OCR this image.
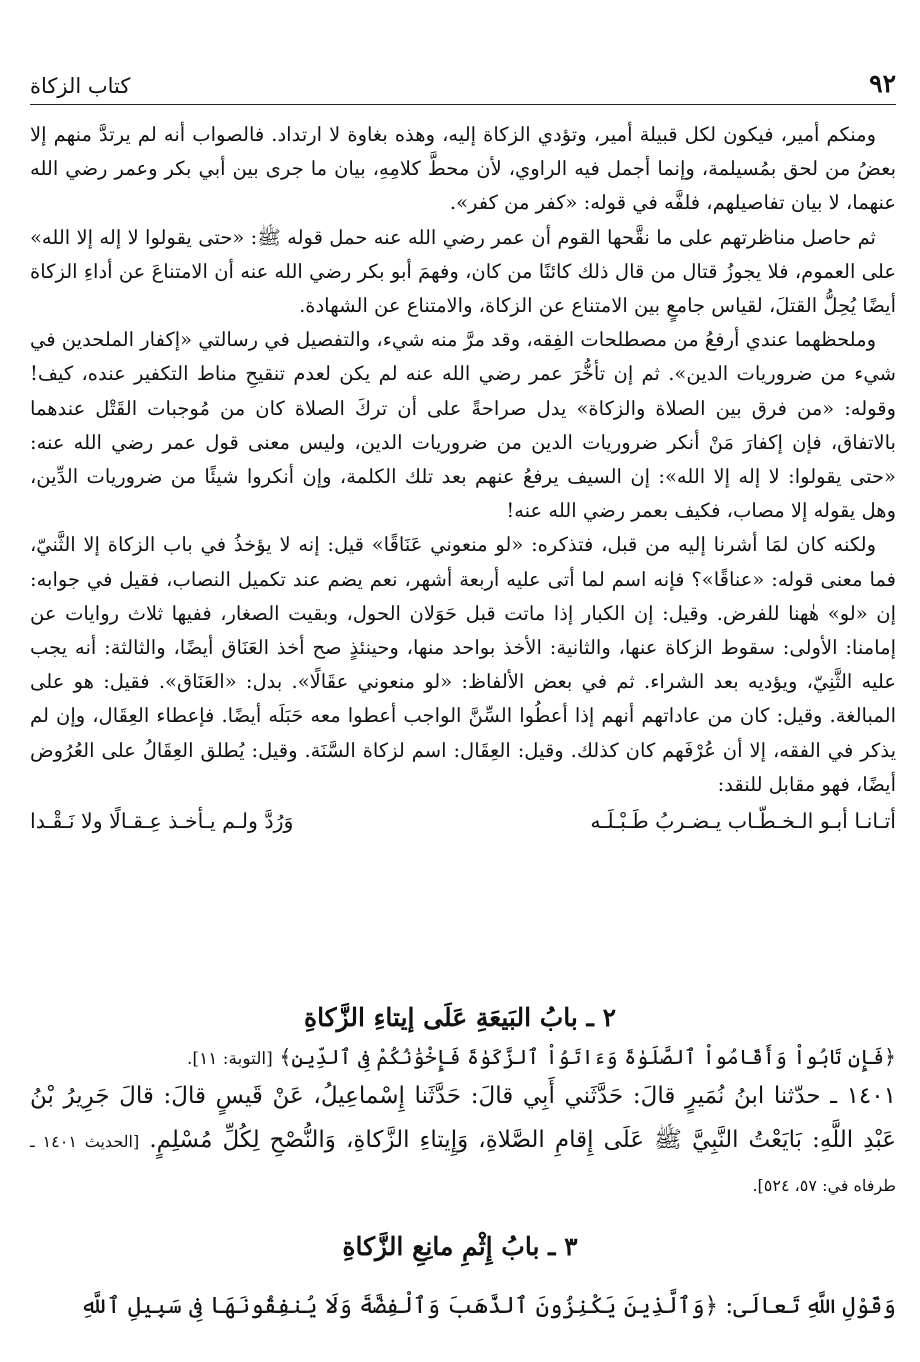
٩٢
كتاب الزكاة

ومنكم أمير، فيكون لكل قبيلة أمير، وتؤدي الزكاة إليه، وهذه بغاوة لا ارتداد. فالصواب أنه لم يرتدَّ منهم إلا بعضُ من لحق بمُسيلمة، وإنما أجمل فيه الراوي، لأن محطَّ كلامِهِ، بيان ما جرى بين أبي بكر وعمر رضي الله عنهما، لا بيان تفاصيلهم، فلفَّه في قوله: «كفر من كفر».

ثم حاصل مناظرتهم على ما نقَّحها القوم أن عمر رضي الله عنه حمل قوله ﷺ: «حتى يقولوا لا إله إلا الله» على العموم، فلا يجوزُ قتال من قال ذلك كائنًا من كان، وفهمَ أبو بكر رضي الله عنه أن الامتناعَ عن أداءِ الزكاة أيضًا يُحِلُّ القتلَ، لقياس جامعٍ بين الامتناع عن الزكاة، والامتناع عن الشهادة.

وملحظهما عندي أرفعُ من مصطلحات الفِقه، وقد مرَّ منه شيء، والتفصيل في رسالتي «إكفار الملحدين في شيء من ضروريات الدين». ثم إن تأخُّرَ عمر رضي الله عنه لم يكن لعدم تنقيحِ مناط التكفير عنده، كيف! وقوله: «من فرق بين الصلاة والزكاة» يدل صراحةً على أن تركَ الصلاة كان من مُوجبات القَتْل عندهما بالاتفاق، فإن إكفارَ مَنْ أنكر ضروريات الدين من ضروريات الدين، وليس معنى قول عمر رضي الله عنه: «حتى يقولوا: لا إله إلا الله»: إن السيف يرفعُ عنهم بعد تلك الكلمة، وإن أنكروا شيئًا من ضروريات الدِّين، وهل يقوله إلا مصاب، فكيف بعمر رضي الله عنه!

ولكنه كان لمَا أشرنا إليه من قبل، فتذكره: «لو منعوني عَنَاقًا» قيل: إنه لا يؤخذُ في باب الزكاة إلا الثَّنيّ، فما معنى قوله: «عناقًا»؟ فإنه اسم لما أتى عليه أربعة أشهر، نعم يضم عند تكميل النصاب، فقيل في جوابه: إن «لو» هٰهنا للفرض. وقيل: إن الكبار إذا ماتت قبل حَوَلان الحول، وبقيت الصغار، ففيها ثلاث روايات عن إمامنا: الأولى: سقوط الزكاة عنها، والثانية: الأخذ بواحد منها، وحينئذٍ صح أخذ العَنَاق أيضًا، والثالثة: أنه يجب عليه الثَّنِيّ، ويؤديه بعد الشراء. ثم في بعض الألفاظ: «لو منعوني عقَالًا». بدل: «العَنَاق». فقيل: هو على المبالغة. وقيل: كان من عاداتهم أنهم إذا أعطُوا السِّنَّ الواجب أعطوا معه حَبَلَه أيضًا. فإعطاء العِقَال، وإن لم يذكر في الفقه، إلا أن عُرْفَهم كان كذلك. وقيل: العِقَال: اسم لزكاة السَّنَة. وقيل: يُطلق العِقَالُ على العُرُوض أيضًا، فهو مقابل للنقد:

أتـانـا أبـو الـخـطّـاب يـضـربُ طَـبْـلَـه
وَرُدَّ ولـم يـأخـذ عِـقـالًا ولا نَـقْـدا
٢ ـ بابُ البَيعَةِ عَلَى إيتاءِ الزَّكاةِ
﴿فَإِن تَابُواْ وَأَقَامُواْ ٱلصَّلَوٰةَ وَءَاتَوُاْ ٱلزَّكَوٰةَ فَإِخْوَٰنُكُمْ فِى ٱلدِّينِ﴾ [التوبة: ١١].
١٤٠١ ـ حدّثنا ابنُ نُمَيرٍ قالَ: حَدَّثَني أَبِي قالَ: حَدَّثَنا إِسْماعِيلُ، عَنْ قَيسٍ قالَ: قالَ جَرِيرُ بْنُ عَبْدِ اللَّهِ: بَايَعْتُ النَّبِيَّ ﷺ عَلَى إِقامِ الصَّلاةِ، وَإِيتاءِ الزَّكاةِ، وَالنُّصْحِ لِكُلِّ مُسْلِمٍ. [الحديث ١٤٠١ ـ طرفاه في: ٥٧، ٥٢٤].
٣ ـ بابُ إِثْمِ مانِعِ الزَّكاةِ
وَقَوْلِ اللَّهِ تَعالَى: ﴿وَٱلَّذِينَ يَكْنِزُونَ ٱلذَّهَبَ وَٱلْفِضَّةَ وَلَا يُنفِقُونَهَا فِى سَبِيلِ ٱللَّهِ
